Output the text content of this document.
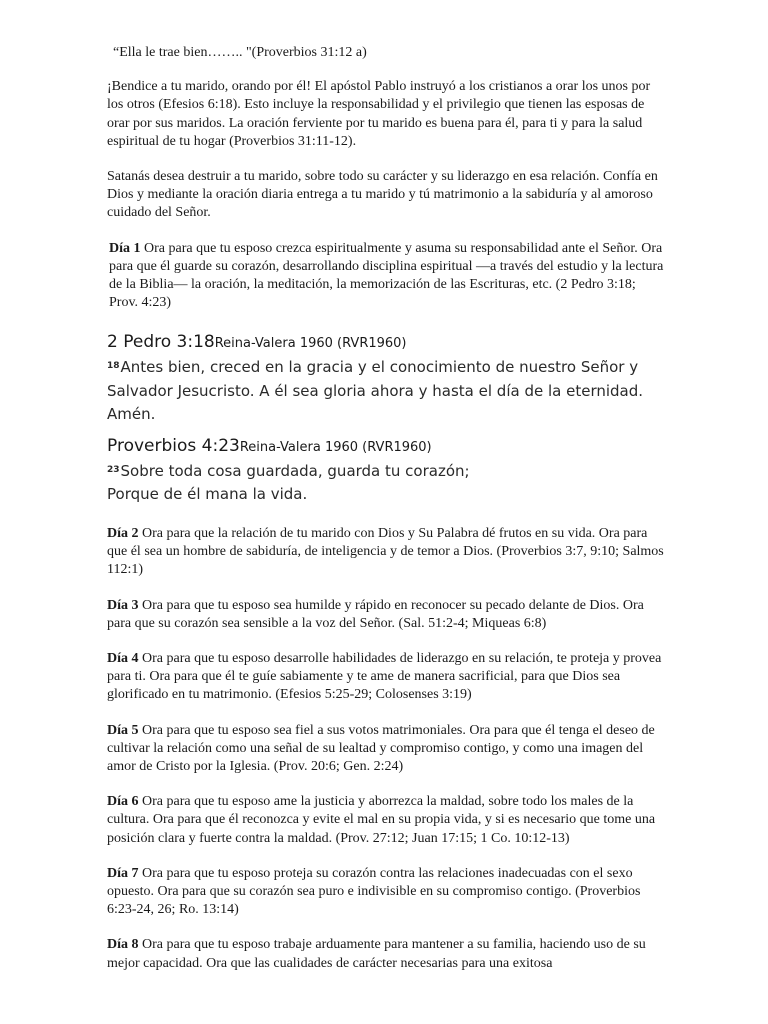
“Ella le trae bien…….. "(Proverbios 31:12 a)

¡Bendice a tu marido, orando por él! El apóstol Pablo instruyó a los cristianos a orar los unos por los otros (Efesios 6:18). Esto incluye la responsabilidad y el privilegio que tienen las esposas de orar por sus maridos. La oración ferviente por tu marido es buena para él, para ti y para la salud espiritual de tu hogar (Proverbios 31:11-12).

Satanás desea destruir a tu marido, sobre todo su carácter y su liderazgo en esa relación. Confía en Dios y mediante la oración diaria entrega a tu marido y tú matrimonio a la sabiduría y al amoroso cuidado del Señor.

Día 1 Ora para que tu esposo crezca espiritualmente y asuma su responsabilidad ante el Señor. Ora para que él guarde su corazón, desarrollando disciplina espiritual —a través del estudio y la lectura de la Biblia— la oración, la meditación, la memorización de las Escrituras, etc. (2 Pedro 3:18; Prov. 4:23)

2 Pedro 3:18Reina-Valera 1960 (RVR1960)
$^{18}$Antes bien, creced en la gracia y el conocimiento de nuestro Señor y Salvador Jesucristo. A él sea gloria ahora y hasta el día de la eternidad. Amén.
Proverbios 4:23Reina-Valera 1960 (RVR1960)
$^{23}$Sobre toda cosa guardada, guarda tu corazón;
Porque de él mana la vida.

Día 2 Ora para que la relación de tu marido con Dios y Su Palabra dé frutos en su vida. Ora para que él sea un hombre de sabiduría, de inteligencia y de temor a Dios. (Proverbios 3:7, 9:10; Salmos 112:1)

Día 3 Ora para que tu esposo sea humilde y rápido en reconocer su pecado delante de Dios. Ora para que su corazón sea sensible a la voz del Señor. (Sal. 51:2-4; Miqueas 6:8)

Día 4 Ora para que tu esposo desarrolle habilidades de liderazgo en su relación, te proteja y provea para ti. Ora para que él te guíe sabiamente y te ame de manera sacrificial, para que Dios sea glorificado en tu matrimonio. (Efesios 5:25-29; Colosenses 3:19)

Día 5 Ora para que tu esposo sea fiel a sus votos matrimoniales. Ora para que él tenga el deseo de cultivar la relación como una señal de su lealtad y compromiso contigo, y como una imagen del amor de Cristo por la Iglesia. (Prov. 20:6; Gen. 2:24)

Día 6 Ora para que tu esposo ame la justicia y aborrezca la maldad, sobre todo los males de la cultura. Ora para que él reconozca y evite el mal en su propia vida, y si es necesario que tome una posición clara y fuerte contra la maldad. (Prov. 27:12; Juan 17:15; 1 Co. 10:12-13)

Día 7 Ora para que tu esposo proteja su corazón contra las relaciones inadecuadas con el sexo opuesto. Ora para que su corazón sea puro e indivisible en su compromiso contigo. (Proverbios 6:23-24, 26; Ro. 13:14)

Día 8 Ora para que tu esposo trabaje arduamente para mantener a su familia, haciendo uso de su mejor capacidad. Ora que las cualidades de carácter necesarias para una exitosa
